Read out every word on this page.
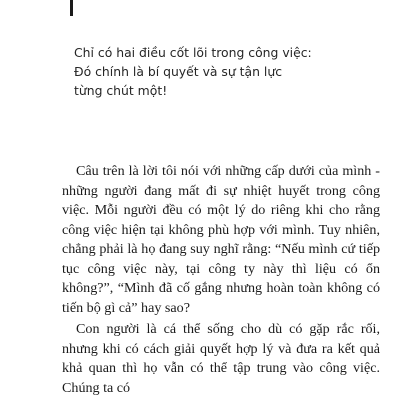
Chỉ có hai điều cốt lõi trong công việc:
Đó chính là bí quyết và sự tận lực
từng chút một!

Câu trên là lời tôi nói với những cấp dưới của mình - những người đang mất đi sự nhiệt huyết trong công việc. Mỗi người đều có một lý do riêng khi cho rằng công việc hiện tại không phù hợp với mình. Tuy nhiên, chẳng phải là họ đang suy nghĩ rằng: “Nếu mình cứ tiếp tục công việc này, tại công ty này thì liệu có ổn không?”, “Mình đã cố gắng nhưng hoàn toàn không có tiến bộ gì cả” hay sao?

Con người là cá thể sống cho dù có gặp rắc rối, nhưng khi có cách giải quyết hợp lý và đưa ra kết quả khả quan thì họ vẫn có thể tập trung vào công việc. Chúng ta có
